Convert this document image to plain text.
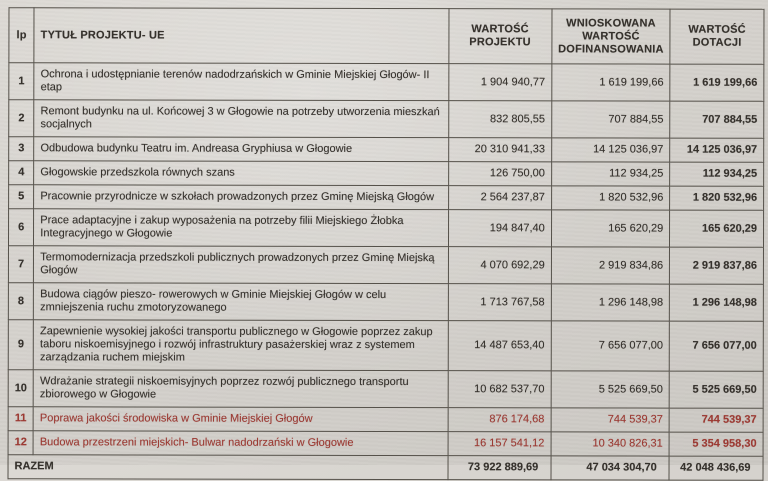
lp	TYTUŁ PROJEKTU- UE	WARTOŚĆ PROJEKTU	WNIOSKOWANA WARTOŚĆ DOFINANSOWANIA	WARTOŚĆ DOTACJI
1	Ochrona i udostępnianie terenów nadodrzańskich w Gminie Miejskiej Głogów- II etap	1 904 940,77	1 619 199,66	1 619 199,66
2	Remont budynku na ul. Końcowej 3 w Głogowie na potrzeby utworzenia mieszkań socjalnych	832 805,55	707 884,55	707 884,55
3	Odbudowa budynku Teatru im. Andreasa Gryphiusa w Głogowie	20 310 941,33	14 125 036,97	14 125 036,97
4	Głogowskie przedszkola równych szans	126 750,00	112 934,25	112 934,25
5	Pracownie przyrodnicze w szkołach prowadzonych przez Gminę Miejską Głogów	2 564 237,87	1 820 532,96	1 820 532,96
6	Prace adaptacyjne i zakup wyposażenia na potrzeby filii Miejskiego Żłobka Integracyjnego w Głogowie	194 847,40	165 620,29	165 620,29
7	Termomodernizacja przedszkoli publicznych prowadzonych przez Gminę Miejską Głogów	4 070 692,29	2 919 834,86	2 919 837,86
8	Budowa ciągów pieszo- rowerowych w Gminie Miejskiej Głogów w celu zmniejszenia ruchu zmotoryzowanego	1 713 767,58	1 296 148,98	1 296 148,98
9	Zapewnienie wysokiej jakości transportu publicznego w Głogowie poprzez zakup taboru niskoemisyjnego i rozwój infrastruktury pasażerskiej wraz z systemem zarządzania ruchem miejskim	14 487 653,40	7 656 077,00	7 656 077,00
10	Wdrażanie strategii niskoemisyjnych poprzez rozwój publicznego transportu zbiorowego w Głogowie	10 682 537,70	5 525 669,50	5 525 669,50
11	Poprawa jakości środowiska w Gminie Miejskiej Głogów	876 174,68	744 539,37	744 539,37
12	Budowa przestrzeni miejskich- Bulwar nadodrzański w Głogowie	16 157 541,12	10 340 826,31	5 354 958,30
RAZEM		73 922 889,69	47 034 304,70	42 048 436,69
